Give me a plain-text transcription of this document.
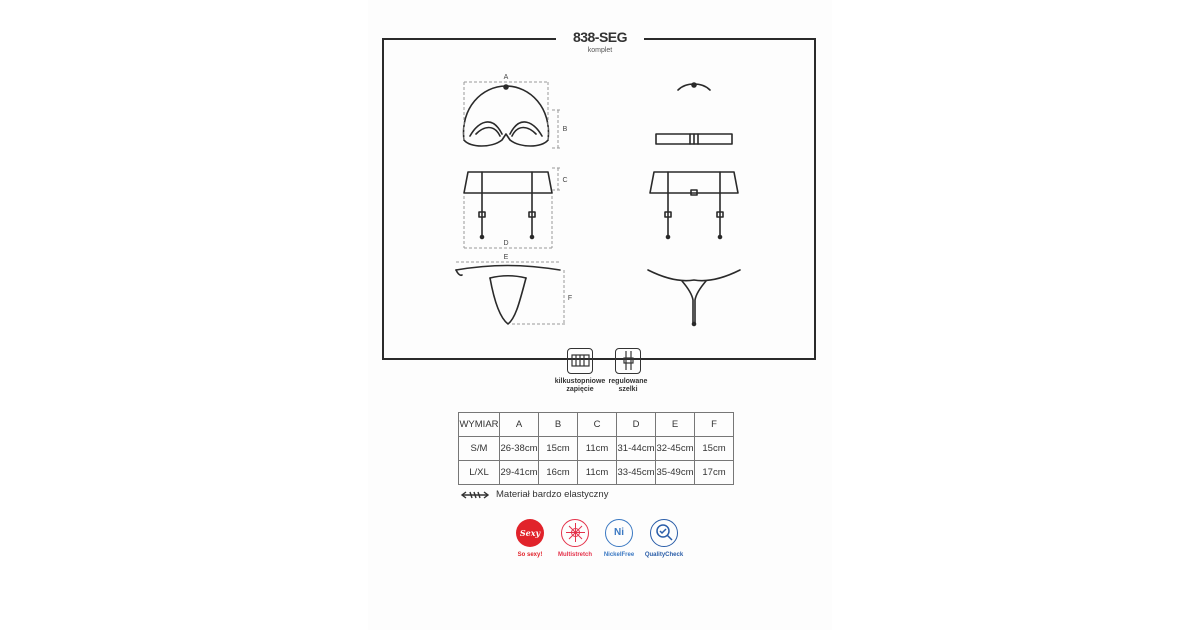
838-SEG
komplet
A
B
C
D
E
F
kilkustopniowe
zapięcie
regulowane
szelki
WYMIAR	A	B	C	D	E	F
S/M	26-38cm	15cm	11cm	31-44cm	32-45cm	15cm
L/XL	29-41cm	16cm	11cm	33-45cm	35-49cm	17cm
Materiał bardzo elastyczny
Sexy
So sexy!	Multistretch
Ni
NickelFree	QualityCheck
